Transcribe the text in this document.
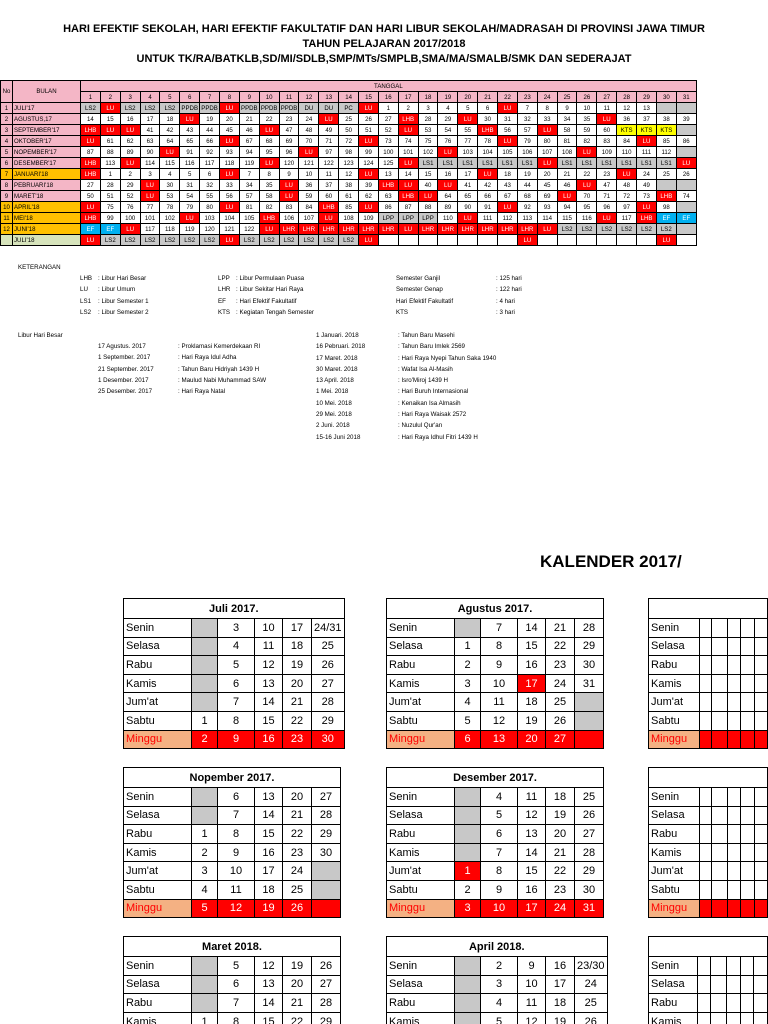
HARI EFEKTIF SEKOLAH, HARI EFEKTIF FAKULTATIF DAN HARI LIBUR SEKOLAH/MADRASAH DI PROVINSI JAWA TIMUR
TAHUN PELAJARAN 2017/2018
UNTUK TK/RA/BATKLB,SD/MI/SDLB,SMP/MTs/SMPLB,SMA/MA/SMALB/SMK DAN SEDERAJAT
No	BULAN	TANGGAL																														
		1	2	3	4	5	6	7	8	9	10	11	12	13	14	15	16	17	18	19	20	21	22	23	24	25	26	27	28	29	30	31
1	JULI'17	LS2	LU	LS2	LS2	LS2	PPDB	PPDB	LU	PPDB	PPDB	PPDB	DU	DU	PC	LU	1	2	3	4	5	6	LU	7	8	9	10	11	12	13		
2	AGUSTUS,17	14	15	16	17	18	LU	19	20	21	22	23	24	LU	25	26	27	LHB	28	29	LU	30	31	32	33	34	35	LU	36	37	38	39
3	SEPTEMBER'17	LHB	LU	LU	41	42	43	44	45	46	LU	47	48	49	50	51	52	LU	53	54	55	LHB	56	57	LU	58	59	60	KTS	KTS	KTS	
4	OKTOBER'17	LU	61	62	63	64	65	66	LU	67	68	69	70	71	72	LU	73	74	75	76	77	78	LU	79	80	81	82	83	84	LU	85	86
5	NOPEMBER'17	87	88	89	90	LU	91	92	93	94	95	96	LU	97	98	99	100	101	102	LU	103	104	105	106	107	108	LU	109	110	111	112	
6	DESEMBER'17	LHB	113	LU	114	115	116	117	118	119	LU	120	121	122	123	124	125	LU	LS1	LS1	LS1	LS1	LS1	LS1	LU	LS1	LS1	LS1	LS1	LS1	LS1	LU
7	JANUARI'18	LHB	1	2	3	4	5	6	LU	7	8	9	10	11	12	LU	13	14	15	16	17	LU	18	19	20	21	22	23	LU	24	25	26
8	PEBRUARI'18	27	28	29	LU	30	31	32	33	34	35	LU	36	37	38	39	LHB	LU	40	LU	41	42	43	44	45	46	LU	47	48	49		
9	MARET'18	50	51	52	LU	53	54	55	56	57	58	LU	59	60	61	62	63	LHB	LU	64	65	66	67	68	69	LU	70	71	72	73	LHB	74
10	APRIL'18	LU	75	76	77	78	79	80	LU	81	82	83	84	LHB	85	LU	86	87	88	89	90	91	LU	92	93	94	95	96	97	LU	98	
11	MEI'18	LHB	99	100	101	102	LU	103	104	105	LHB	106	107	LU	108	109	LPP	LPP	LPP	110	LU	111	112	113	114	115	116	LU	117	LHB	EF	EF
12	JUNI'18	EF	EF	LU	117	118	119	120	121	122	LU	LHR	LHR	LHR	LHR	LHR	LHR	LU	LHR	LHR	LHR	LHR	LHR	LHR	LU	LS2	LS2	LS2	LS2	LS2	LS2	
	JULI'18	LU	LS2	LS2	LS2	LS2	LS2	LS2	LU	LS2	LS2	LS2	LS2	LS2	LS2	LU								LU							LU	
KETERANGAN
LHB : Libur Hari Besar
LU : Libur Umum
LS1 : Libur Semester 1
LS2 : Libur Semester 2
LPP : Libur Permulaan Puasa
LHR : Libur Sekitar Hari Raya
EF : Hari Efektif Fakultatif
KTS : Kegiatan Tengah Semester
Semester Ganjil	: 125 hari
Semester Genap	: 122 hari
Hari Efektif Fakultatif	: 4 hari
KTS	: 3 hari
Libur Hari Besar
17 Agustus. 2017	: Proklamasi Kemerdekaan RI
1 September. 2017	: Hari Raya Idul Adha
21 September. 2017	: Tahun Baru Hidriyah 1439 H
1 Desember. 2017	: Maulud Nabi Muhammad SAW
25 Desember. 2017	: Hari Raya Natal
1 Januari. 2018	: Tahun Baru Masehi
16 Pebruari. 2018	: Tahun Baru Imlek 2569
17 Maret. 2018	: Hari Raya Nyepi Tahun Saka 1940
30 Maret. 2018	: Wafat Isa Al-Masih
13 April. 2018	: Isro'Miroj 1439 H
1 Mei. 2018	: Hari Buruh Internasional
10 Mei. 2018	: Kenaikan Isa Almasih
29 Mei. 2018	: Hari Raya Waisak 2572
2 Juni. 2018	: Nuzulul Qur'an
15-16 Juni 2018	: Hari Raya Idhul Fitri 1439 H
KALENDER 2017/
Juli 2017.					
Senin		3	10	17	24/31
Selasa		4	11	18	25
Rabu		5	12	19	26
Kamis		6	13	20	27
Jum'at		7	14	21	28
Sabtu	1	8	15	22	29
Minggu	2	9	16	23	30
Agustus 2017.					
Senin		7	14	21	28
Selasa	1	8	15	22	29
Rabu	2	9	16	23	30
Kamis	3	10	17	24	31
Jum'at	4	11	18	25	
Sabtu	5	12	19	26	
Minggu	6	13	20	27	

Senin					
Selasa					
Rabu					
Kamis					
Jum'at					
Sabtu					
Minggu					
Nopember 2017.					
Senin		6	13	20	27
Selasa		7	14	21	28
Rabu	1	8	15	22	29
Kamis	2	9	16	23	30
Jum'at	3	10	17	24	
Sabtu	4	11	18	25	
Minggu	5	12	19	26	
Desember 2017.					
Senin		4	11	18	25
Selasa		5	12	19	26
Rabu		6	13	20	27
Kamis		7	14	21	28
Jum'at	1	8	15	22	29
Sabtu	2	9	16	23	30
Minggu	3	10	17	24	31

Senin					
Selasa					
Rabu					
Kamis					
Jum'at					
Sabtu					
Minggu					
Maret 2018.					
Senin		5	12	19	26
Selasa		6	13	20	27
Rabu		7	14	21	28
Kamis	1	8	15	22	29
April 2018.					
Senin		2	9	16	23/30
Selasa		3	10	17	24
Rabu		4	11	18	25
Kamis		5	12	19	26

Senin					
Selasa					
Rabu					
Kamis					
